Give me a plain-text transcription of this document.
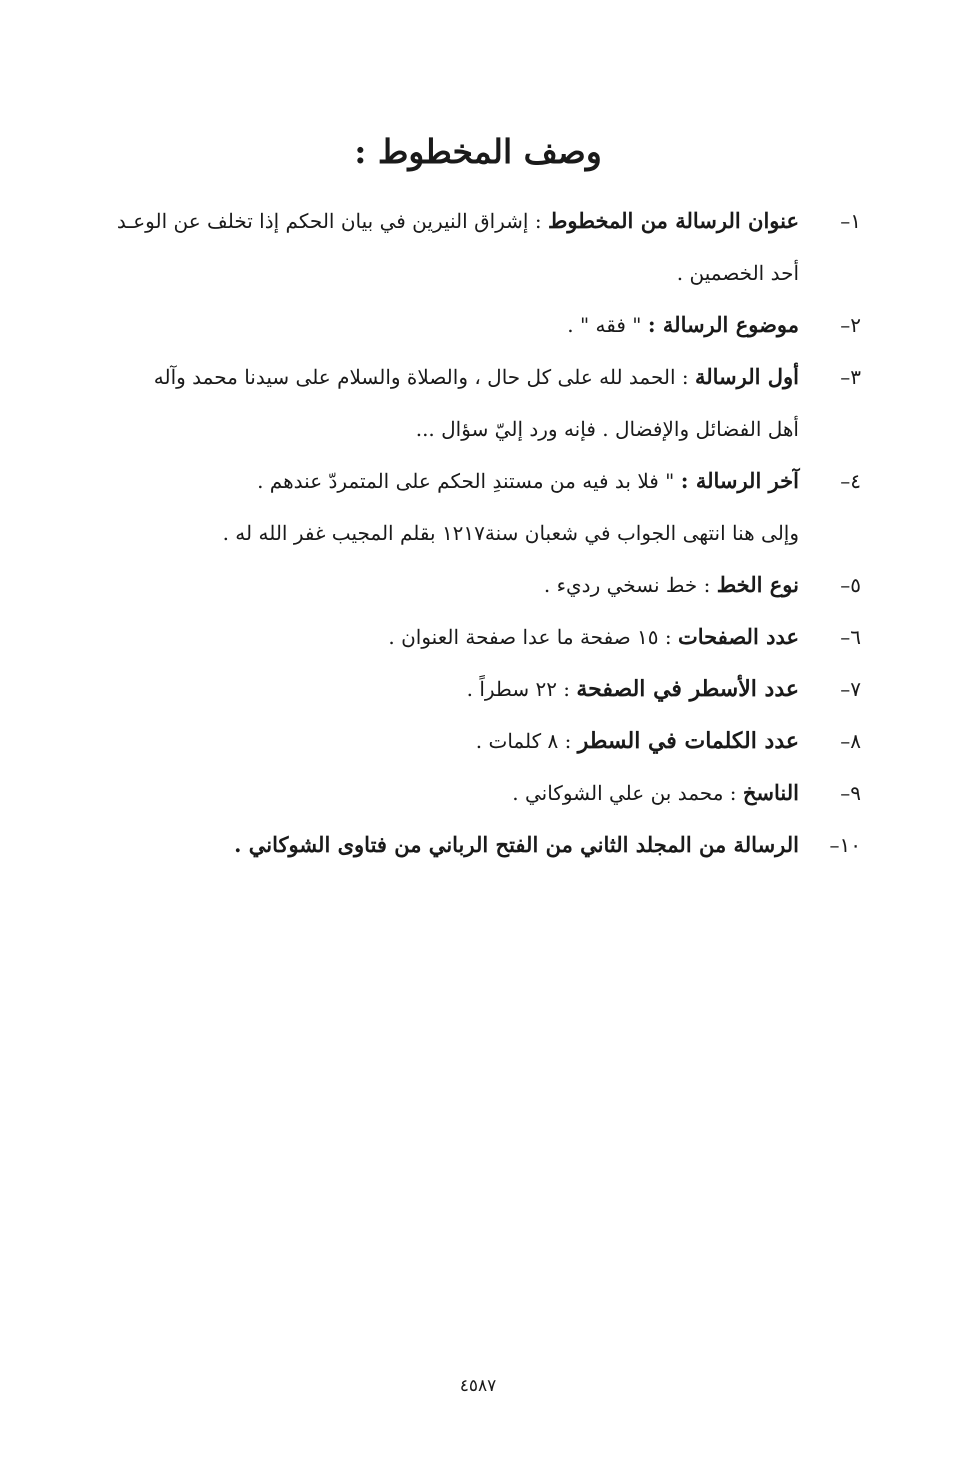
وصف المخطوط :
١–
عنوان الرسالة من المخطوط : إشراق النيرين في بيان الحكم إذا تخلف عن الوعـد
أحد الخصمين .
٢–
موضوع الرسالة : " فقه " .
٣–
أول الرسالة : الحمد لله على كل حال ، والصلاة والسلام على سيدنا محمد وآله
أهل الفضائل والإفضال . فإنه ورد إليّ سؤال ...
٤–
آخر الرسالة : " فلا بد فيه من مستندِ الحكم على المتمردّ عندهم .
وإلى هنا انتهى الجواب في شعبان سنة١٢١٧ بقلم المجيب غفر الله له .
٥–
نوع الخط : خط نسخي رديء .
٦–
عدد الصفحات : ١٥ صفحة ما عدا صفحة العنوان .
٧–
عدد الأسطر في الصفحة : ٢٢ سطراً .
٨–
عدد الكلمات في السطر : ٨ كلمات .
٩–
الناسخ : محمد بن علي الشوكاني .
١٠–
الرسالة من المجلد الثاني من الفتح الرباني من فتاوى الشوكاني .
٤٥٨٧
